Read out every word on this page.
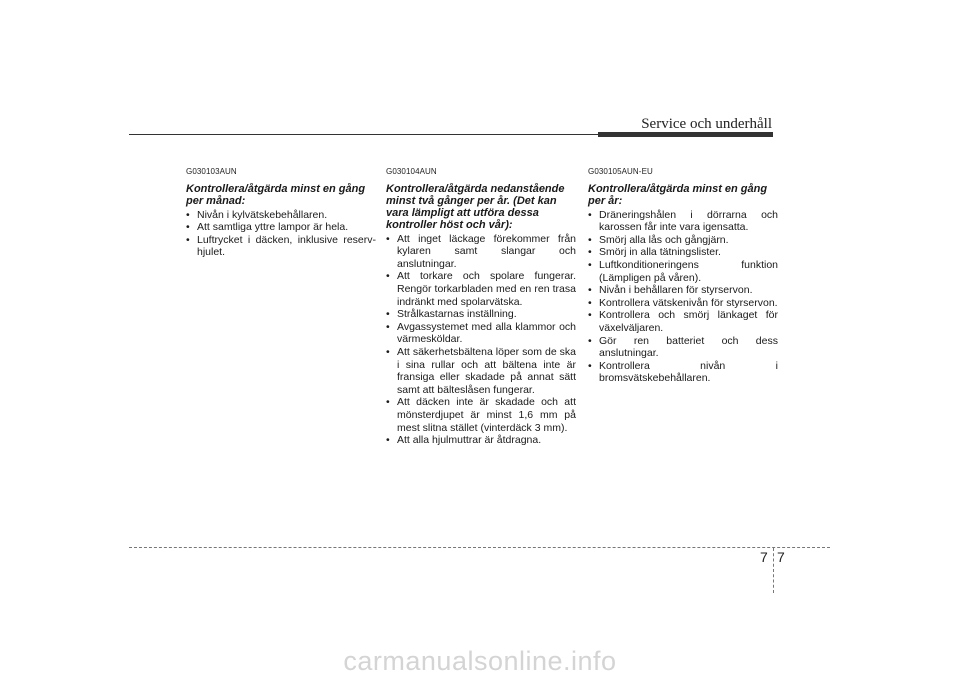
Service och underhåll
G030103AUN
Kontrollera/åtgärda minst en gång per månad:
• Nivån i kylvätskebehållaren.
• Att samtliga yttre lampor är hela.
• Luftrycket i däcken, inklusive reserv-hjulet.
G030104AUN
Kontrollera/åtgärda nedanstående minst två gånger per år. (Det kan vara lämpligt att utföra dessa kontroller höst och vår):
• Att inget läckage förekommer från kylaren samt slangar och anslutningar.
• Att torkare och spolare fungerar. Rengör torkarbladen med en ren trasa indränkt med spolarvätska.
• Strålkastarnas inställning.
• Avgassystemet med alla klammor och värmesköldar.
• Att säkerhetsbältena löper som de ska i sina rullar och att bältena inte är fransiga eller skadade på annat sätt samt att bälteslåsen fungerar.
• Att däcken inte är skadade och att mönsterdjupet är minst 1,6 mm på mest slitna stället (vinterdäck 3 mm).
• Att alla hjulmuttrar är åtdragna.
G030105AUN-EU
Kontrollera/åtgärda minst en gång per år:
• Dräneringshålen i dörrarna och karossen får inte vara igensatta.
• Smörj alla lås och gångjärn.
• Smörj in alla tätningslister.
• Luftkonditioneringens funktion (Lämpligen på våren).
• Nivån i behållaren för styrservon.
• Kontrollera vätskenivån för styrservon.
• Kontrollera och smörj länkaget för växelväljaren.
• Gör ren batteriet och dess anslutningar.
• Kontrollera nivån i bromsvätskebehållaren.
7 7
carmanualsonline.info
